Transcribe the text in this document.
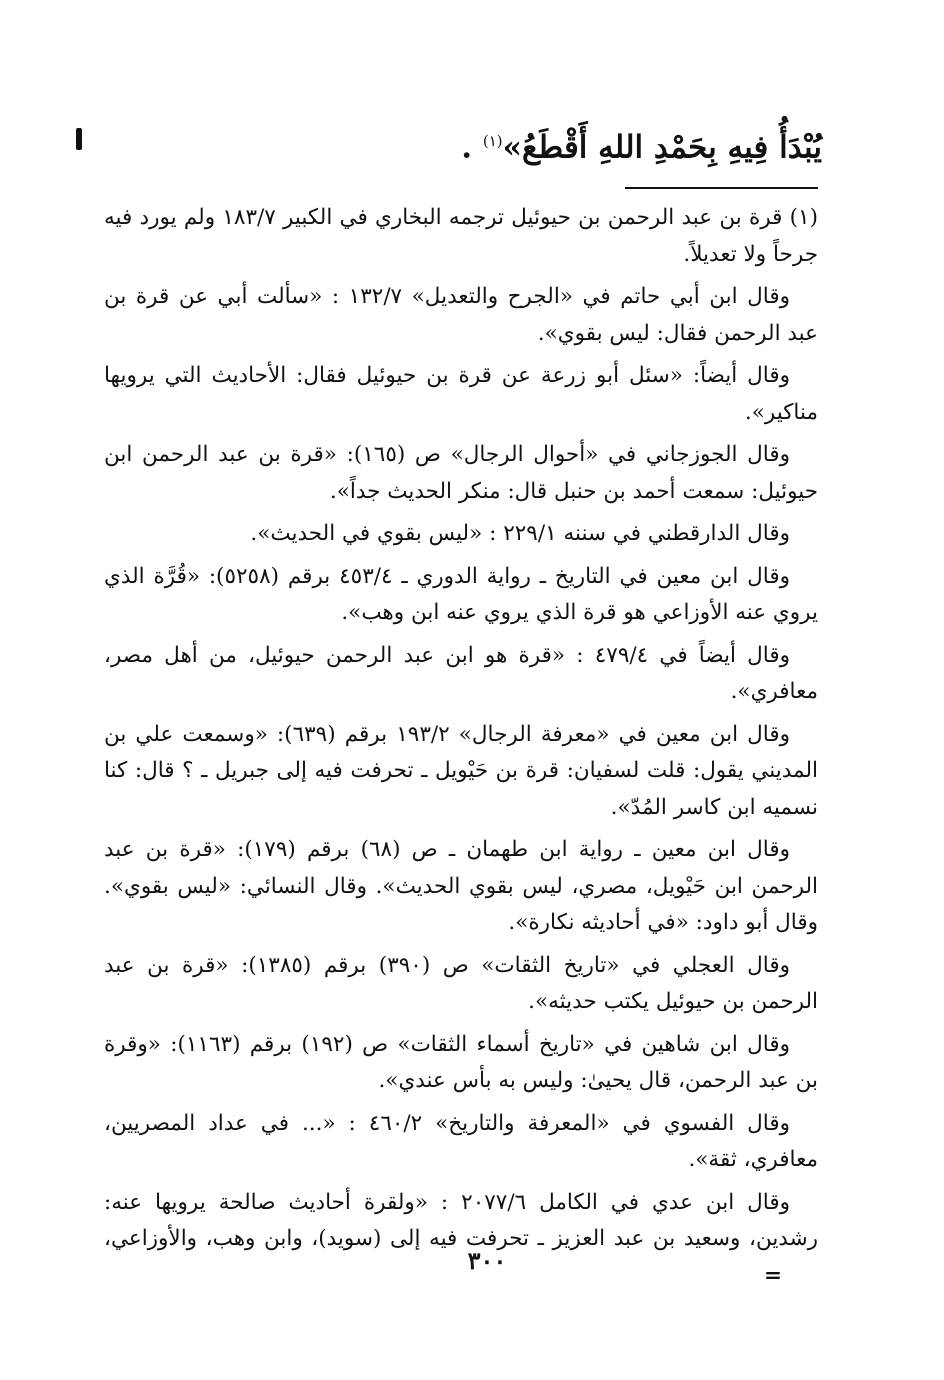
يُبْدَأُ فِيهِ بِحَمْدِ اللهِ أَقْطَعُ»$^{(١)}$ .

(١) قرة بن عبد الرحمن بن حيوئيل ترجمه البخاري في الكبير ١٨٣/٧ ولم يورد فيه جرحاً ولا تعديلاً.

وقال ابن أبي حاتم في «الجرح والتعديل» ١٣٢/٧ : «سألت أبي عن قرة بن عبد الرحمن فقال: ليس بقوي».

وقال أيضاً: «سئل أبو زرعة عن قرة بن حيوئيل فقال: الأحاديث التي يرويها مناكير».

وقال الجوزجاني في «أحوال الرجال» ص (١٦٥): «قرة بن عبد الرحمن ابن حيوئيل: سمعت أحمد بن حنبل قال: منكر الحديث جداً».

وقال الدارقطني في سننه ٢٢٩/١ : «ليس بقوي في الحديث».

وقال ابن معين في التاريخ ـ رواية الدوري ـ ٤٥٣/٤ برقم (٥٢٥٨): «قُرَّة الذي يروي عنه الأوزاعي هو قرة الذي يروي عنه ابن وهب».

وقال أيضاً في ٤٧٩/٤ : «قرة هو ابن عبد الرحمن حيوئيل، من أهل مصر، معافري».

وقال ابن معين في «معرفة الرجال» ١٩٣/٢ برقم (٦٣٩): «وسمعت علي بن المديني يقول: قلت لسفيان: قرة بن حَيْويل ـ تحرفت فيه إلى جبريل ـ ؟ قال: كنا نسميه ابن كاسر المُدّ».

وقال ابن معين ـ رواية ابن طهمان ـ ص (٦٨) برقم (١٧٩): «قرة بن عبد الرحمن ابن حَيْويل، مصري، ليس بقوي الحديث». وقال النسائي: «ليس بقوي». وقال أبو داود: «في أحاديثه نكارة».

وقال العجلي في «تاريخ الثقات» ص (٣٩٠) برقم (١٣٨٥): «قرة بن عبد الرحمن بن حيوئيل يكتب حديثه».

وقال ابن شاهين في «تاريخ أسماء الثقات» ص (١٩٢) برقم (١١٦٣): «وقرة بن عبد الرحمن، قال يحيىٰ: وليس به بأس عندي».

وقال الفسوي في «المعرفة والتاريخ» ٤٦٠/٢ : «... في عداد المصريين، معافري، ثقة».

وقال ابن عدي في الكامل ٢٠٧٧/٦ : «ولقرة أحاديث صالحة يرويها عنه: رشدين، وسعيد بن عبد العزيز ـ تحرفت فيه إلى (سويد)، وابن وهب، والأوزاعي، =

٣٠٠
